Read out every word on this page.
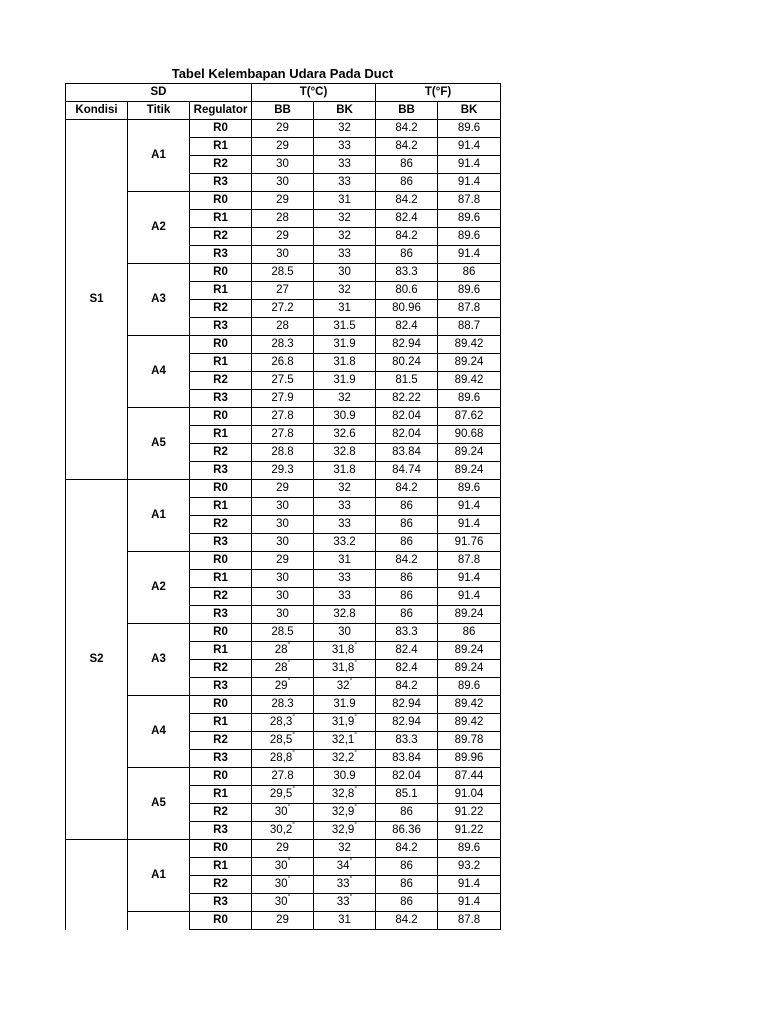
Tabel Kelembapan Udara Pada Duct
SD			T(°C)		T(°F)	
Kondisi	Titik	Regulator	BB	BK	BB	BK
S1	A1	R0	29	32	84.2	89.6
		R1	29	33	84.2	91.4
		R2	30	33	86	91.4
		R3	30	33	86	91.4
	A2	R0	29	31	84.2	87.8
		R1	28	32	82.4	89.6
		R2	29	32	84.2	89.6
		R3	30	33	86	91.4
	A3	R0	28.5	30	83.3	86
		R1	27	32	80.6	89.6
		R2	27.2	31	80.96	87.8
		R3	28	31.5	82.4	88.7
	A4	R0	28.3	31.9	82.94	89.42
		R1	26.8	31.8	80.24	89.24
		R2	27.5	31.9	81.5	89.42
		R3	27.9	32	82.22	89.6
	A5	R0	27.8	30.9	82.04	87.62
		R1	27.8	32.6	82.04	90.68
		R2	28.8	32.8	83.84	89.24
		R3	29.3	31.8	84.74	89.24
S2	A1	R0	29	32	84.2	89.6
		R1	30	33	86	91.4
		R2	30	33	86	91.4
		R3	30	33.2	86	91.76
	A2	R0	29	31	84.2	87.8
		R1	30	33	86	91.4
		R2	30	33	86	91.4
		R3	30	32.8	86	89.24
	A3	R0	28.5	30	83.3	86
		R1	28°	31,8°	82.4	89.24
		R2	28°	31,8°	82.4	89.24
		R3	29°	32°	84.2	89.6
	A4	R0	28.3	31.9	82.94	89.42
		R1	28,3°	31,9°	82.94	89.42
		R2	28,5°	32,1°	83.3	89.78
		R3	28,8°	32,2°	83.84	89.96
	A5	R0	27.8	30.9	82.04	87.44
		R1	29,5°	32,8°	85.1	91.04
		R2	30°	32,9°	86	91.22
		R3	30,2°	32,9°	86.36	91.22
	A1	R0	29	32	84.2	89.6
		R1	30°	34°	86	93.2
		R2	30°	33°	86	91.4
		R3	30°	33°	86	91.4
		R0	29	31	84.2	87.8
